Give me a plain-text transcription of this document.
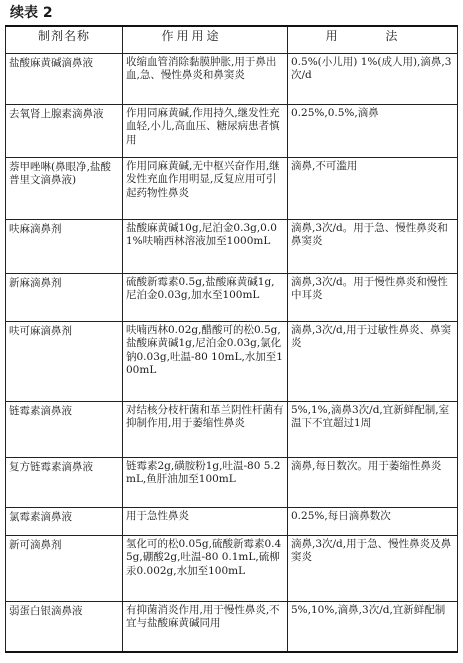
续表 2
制剂名称	作用用途	用 法
盐酸麻黄碱滴鼻液	收缩血管消除黏膜肿胀,用于鼻出血,急、慢性鼻炎和鼻窦炎	0.5%(小儿用) 1%(成人用),滴鼻,3次/d
去氧肾上腺素滴鼻液	作用同麻黄碱,作用持久,继发性充血轻,小儿,高血压、糖尿病患者慎用	0.25%,0.5%,滴鼻
萘甲唑啉(鼻眼净,盐酸普里文滴鼻液)	作用同麻黄碱,无中枢兴奋作用,继发性充血作用明显,反复应用可引起药物性鼻炎	滴鼻,不可滥用
呋麻滴鼻剂	盐酸麻黄碱10g,尼泊金0.3g,0.01%呋喃西林溶液加至1000mL	滴鼻,3次/d。用于急、慢性鼻炎和鼻窦炎
新麻滴鼻剂	硫酸新霉素0.5g,盐酸麻黄碱1g,尼泊金0.03g,加水至100mL	滴鼻,3次/d。用于慢性鼻炎和慢性中耳炎
呋可麻滴鼻剂	呋喃西林0.02g,醋酸可的松0.5g,盐酸麻黄碱1g,尼泊金0.03g,氯化钠0.03g,吐温-80 10mL,水加至100mL	滴鼻,3次/d,用于过敏性鼻炎、鼻窦炎
链霉素滴鼻液	对结核分枝杆菌和革兰阴性杆菌有抑制作用,用于萎缩性鼻炎	5%,1%,滴鼻3次/d,宜新鲜配制,室温下不宜超过1周
复方链霉素滴鼻液	链霉素2g,磺胺粉1g,吐温-80 5.2mL,鱼肝油加至100mL	滴鼻,每日数次。用于萎缩性鼻炎
氯霉素滴鼻液	用于急性鼻炎	0.25%,每日滴鼻数次
新可滴鼻剂	氢化可的松0.05g,硫酸新霉素0.45g,硼酸2g,吐温-80 0.1mL,硫柳汞0.002g,水加至100mL	滴鼻,3次/d,用于急、慢性鼻炎及鼻窦炎
弱蛋白银滴鼻液	有抑菌消炎作用,用于慢性鼻炎,不宜与盐酸麻黄碱同用	5%,10%,滴鼻,3次/d,宜新鲜配制
